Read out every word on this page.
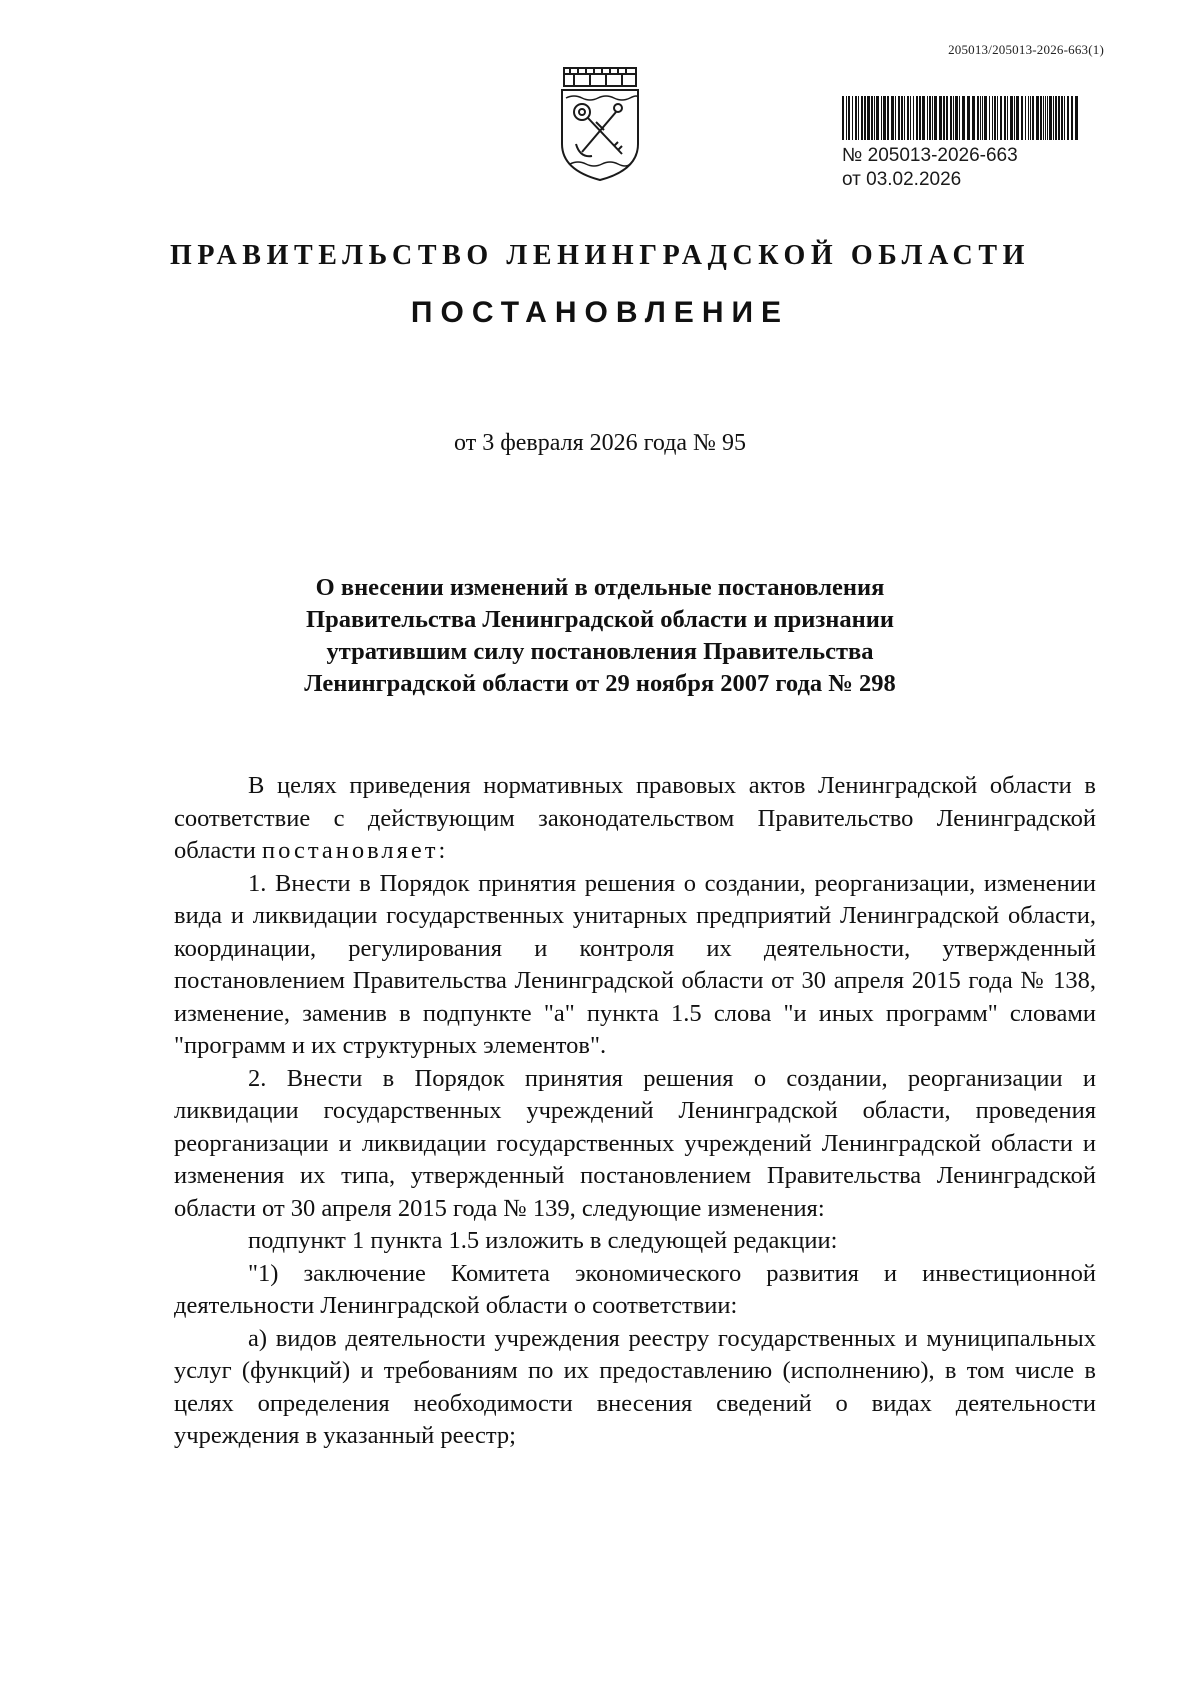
205013/205013-2026-663(1)
№ 205013-2026-663
от 03.02.2026
ПРАВИТЕЛЬСТВО ЛЕНИНГРАДСКОЙ ОБЛАСТИ
ПОСТАНОВЛЕНИЕ
от 3 февраля 2026 года № 95
О внесении изменений в отдельные постановления
Правительства Ленинградской области и признании
утратившим силу постановления Правительства
Ленинградской области от 29 ноября 2007 года № 298

В целях приведения нормативных правовых актов Ленинградской области в соответствие с действующим законодательством Правительство Ленинградской области постановляет:

1. Внести в Порядок принятия решения о создании, реорганизации, изменении вида и ликвидации государственных унитарных предприятий Ленинградской области, координации, регулирования и контроля их деятельности, утвержденный постановлением Правительства Ленинградской области от 30 апреля 2015 года № 138, изменение, заменив в подпункте "а" пункта 1.5 слова "и иных программ" словами "программ и их структурных элементов".

2. Внести в Порядок принятия решения о создании, реорганизации и ликвидации государственных учреждений Ленинградской области, проведения реорганизации и ликвидации государственных учреждений Ленинградской области и изменения их типа, утвержденный постановлением Правительства Ленинградской области от 30 апреля 2015 года № 139, следующие изменения:

подпункт 1 пункта 1.5 изложить в следующей редакции:

"1) заключение Комитета экономического развития и инвестиционной деятельности Ленинградской области о соответствии:

а) видов деятельности учреждения реестру государственных и муниципальных услуг (функций) и требованиям по их предоставлению (исполнению), в том числе в целях определения необходимости внесения сведений о видах деятельности учреждения в указанный реестр;
